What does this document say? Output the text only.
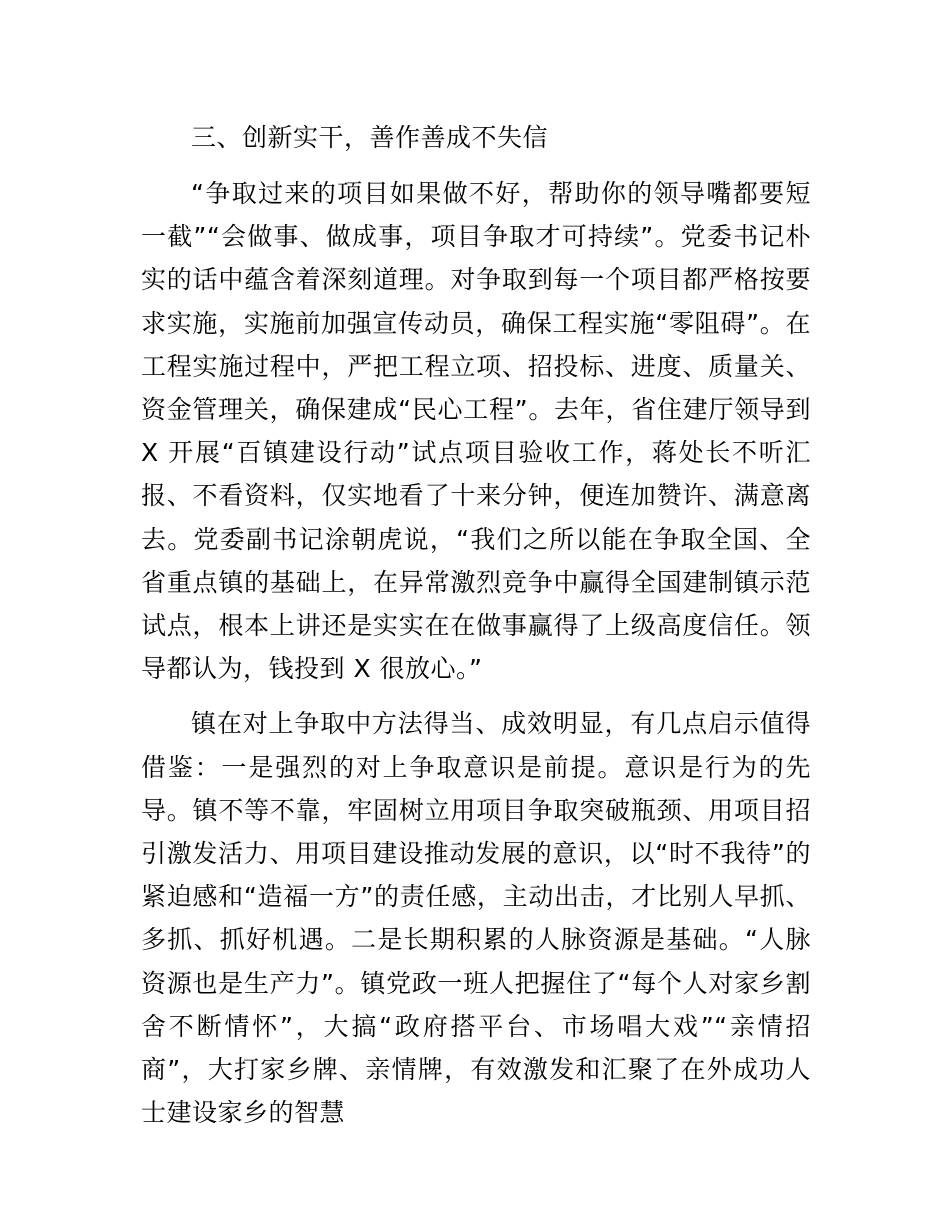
三、创新实干，善作善成不失信

“争取过来的项目如果做不好，帮助你的领导嘴都要短一截”“会做事、做成事，项目争取才可持续”。党委书记朴实的话中蕴含着深刻道理。对争取到每一个项目都严格按要求实施，实施前加强宣传动员，确保工程实施“零阻碍”。在工程实施过程中，严把工程立项、招投标、进度、质量关、资金管理关，确保建成“民心工程”。去年，省住建厅领导到 X 开展“百镇建设行动”试点项目验收工作，蒋处长不听汇报、不看资料，仅实地看了十来分钟，便连加赞许、满意离去。党委副书记涂朝虎说，“我们之所以能在争取全国、全省重点镇的基础上，在异常激烈竞争中赢得全国建制镇示范试点，根本上讲还是实实在在做事赢得了上级高度信任。领导都认为，钱投到 X 很放心。”

镇在对上争取中方法得当、成效明显，有几点启示值得借鉴：一是强烈的对上争取意识是前提。意识是行为的先导。镇不等不靠，牢固树立用项目争取突破瓶颈、用项目招引激发活力、用项目建设推动发展的意识，以“时不我待”的紧迫感和“造福一方”的责任感，主动出击，才比别人早抓、多抓、抓好机遇。二是长期积累的人脉资源是基础。“人脉资源也是生产力”。镇党政一班人把握住了“每个人对家乡割舍不断情怀”，大搞“政府搭平台、市场唱大戏”“亲情招商”，大打家乡牌、亲情牌，有效激发和汇聚了在外成功人士建设家乡的智慧
